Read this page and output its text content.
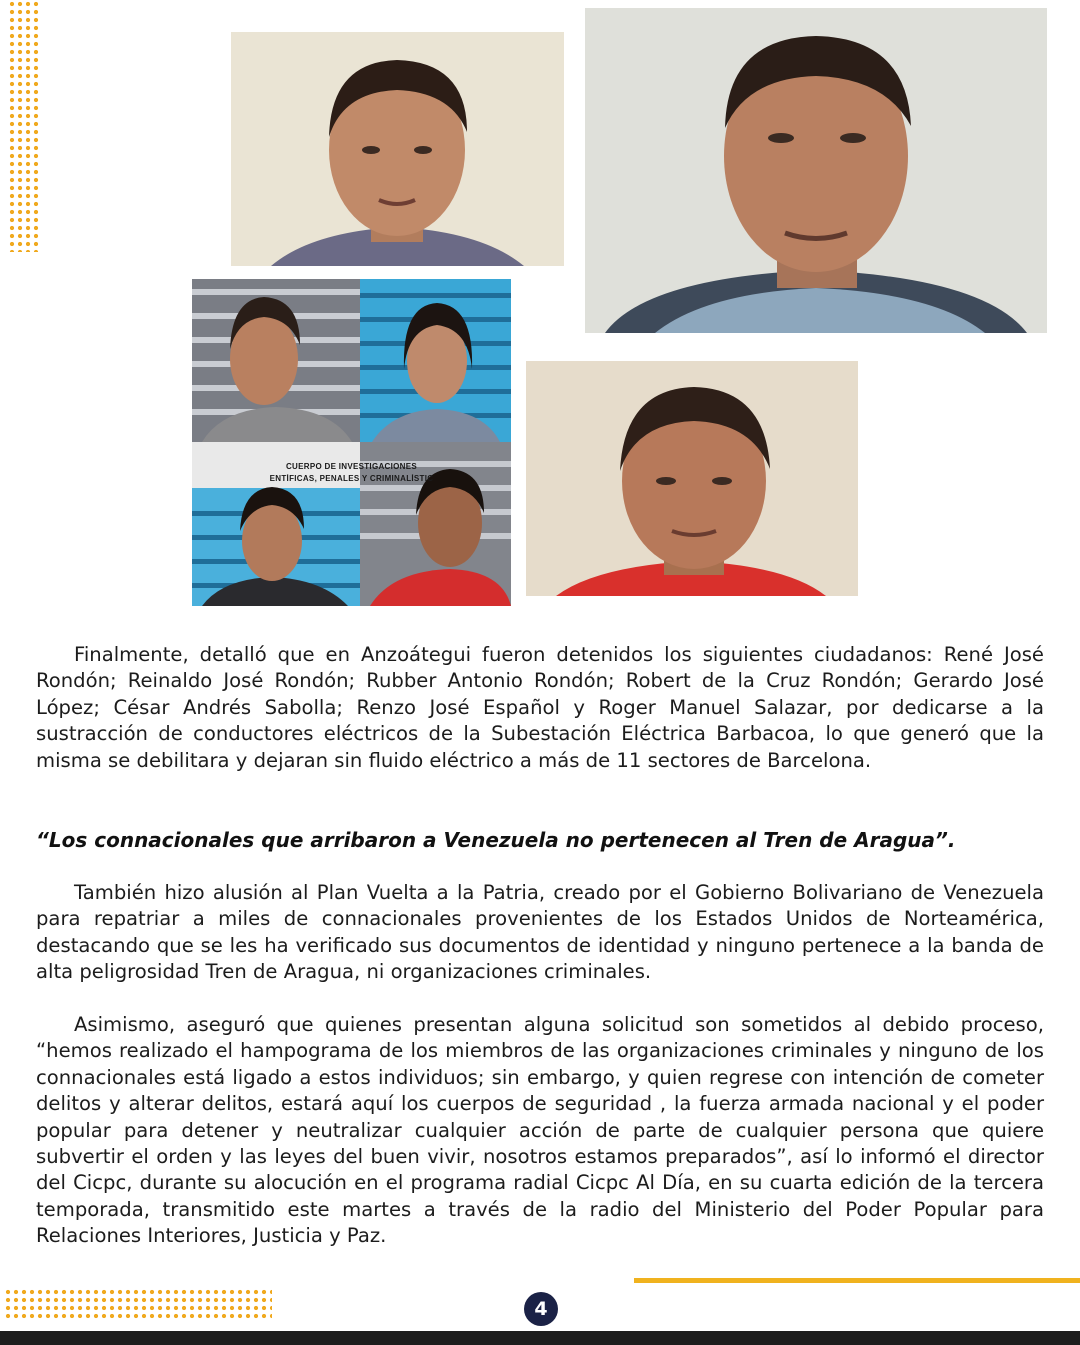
CUERPO DE INVESTIGACIONES
ENTÍFICAS, PENALES Y CRIMINALÍSTIC

Finalmente, detalló que en Anzoátegui fueron detenidos los siguientes ciudadanos: René José Rondón; Reinaldo José Rondón; Rubber Antonio Rondón; Robert de la Cruz Rondón; Gerardo José López; César Andrés Sabolla; Renzo José Español y Roger Manuel Salazar, por dedicarse a la sustracción de conductores eléctricos de la Subestación Eléctrica Barbacoa, lo que generó que la misma se debilitara y dejaran sin fluido eléctrico a más de 11 sectores de Barcelona.

“Los connacionales que arribaron a Venezuela no pertenecen al Tren de Aragua”.

También hizo alusión al Plan Vuelta a la Patria, creado por el Gobierno Bolivariano de Venezuela para repatriar a miles de connacionales provenientes de los Estados Unidos de Norteamérica, destacando que se les ha verificado sus documentos de identidad y ninguno pertenece a la banda de alta peligrosidad Tren de Aragua, ni organizaciones criminales.

Asimismo, aseguró que quienes presentan alguna solicitud son sometidos al debido proceso, “hemos realizado el hampograma de los miembros de las organizaciones criminales y ninguno de los connacionales está ligado a estos individuos; sin embargo, y quien regrese con intención de cometer delitos y alterar delitos, estará aquí los cuerpos de seguridad , la fuerza armada nacional y el poder popular para detener y neutralizar cualquier acción de parte de cualquier persona que quiere subvertir el orden y las leyes del buen vivir, nosotros estamos preparados”, así lo informó el director del Cicpc, durante su alocución en el programa radial Cicpc Al Día, en su cuarta edición de la tercera temporada, transmitido este martes a través de la radio del Ministerio del Poder Popular para Relaciones Interiores, Justicia y Paz.

4
